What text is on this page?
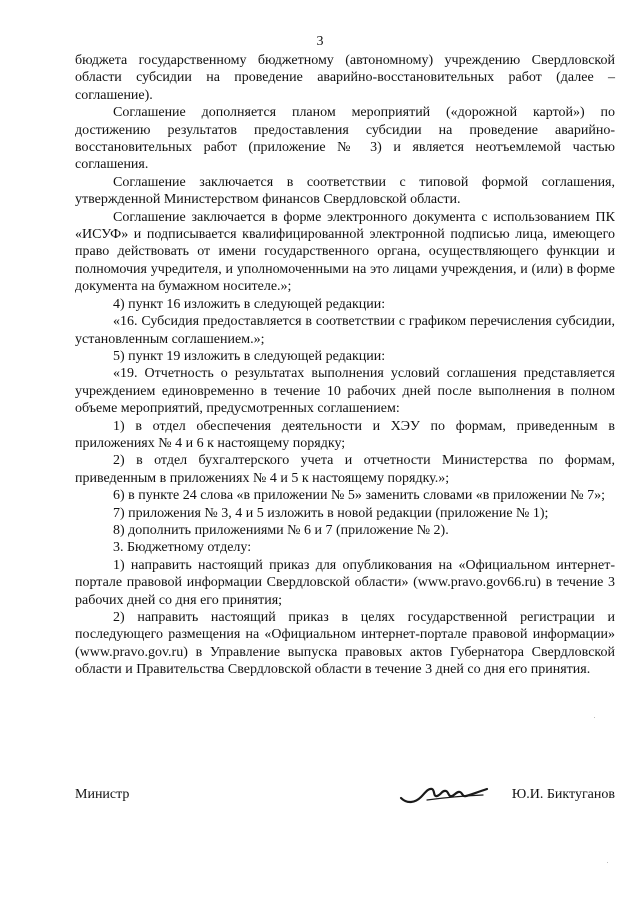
3

бюджета государственному бюджетному (автономному) учреждению Свердловской области субсидии на проведение аварийно-восстановительных работ (далее – соглашение).

Соглашение дополняется планом мероприятий («дорожной картой») по достижению результатов предоставления субсидии на проведение аварийно-восстановительных работ (приложение № 3) и является неотъемлемой частью соглашения.

Соглашение заключается в соответствии с типовой формой соглашения, утвержденной Министерством финансов Свердловской области.

Соглашение заключается в форме электронного документа с использованием ПК «ИСУФ» и подписывается квалифицированной электронной подписью лица, имеющего право действовать от имени государственного органа, осуществляющего функции и полномочия учредителя, и уполномоченными на это лицами учреждения, и (или) в форме документа на бумажном носителе.»;

4) пункт 16 изложить в следующей редакции:

«16. Субсидия предоставляется в соответствии с графиком перечисления субсидии, установленным соглашением.»;

5) пункт 19 изложить в следующей редакции:

«19. Отчетность о результатах выполнения условий соглашения представляется учреждением единовременно в течение 10 рабочих дней после выполнения в полном объеме мероприятий, предусмотренных соглашением:

1) в отдел обеспечения деятельности и ХЭУ по формам, приведенным в приложениях № 4 и 6 к настоящему порядку;

2) в отдел бухгалтерского учета и отчетности Министерства по формам, приведенным в приложениях № 4 и 5 к настоящему порядку.»;

6) в пункте 24 слова «в приложении № 5» заменить словами «в приложении № 7»;

7) приложения № 3, 4 и 5 изложить в новой редакции (приложение № 1);

8) дополнить приложениями № 6 и 7 (приложение № 2).

3. Бюджетному отделу:

1) направить настоящий приказ для опубликования на «Официальном интернет-портале правовой информации Свердловской области» (www.pravo.gov66.ru) в течение 3 рабочих дней со дня его принятия;

2) направить настоящий приказ в целях государственной регистрации и последующего размещения на «Официальном интернет-портале правовой информации» (www.pravo.gov.ru) в Управление выпуска правовых актов Губернатора Свердловской области и Правительства Свердловской области в течение 3 дней со дня его принятия.

Министр	Ю.И. Биктуганов
